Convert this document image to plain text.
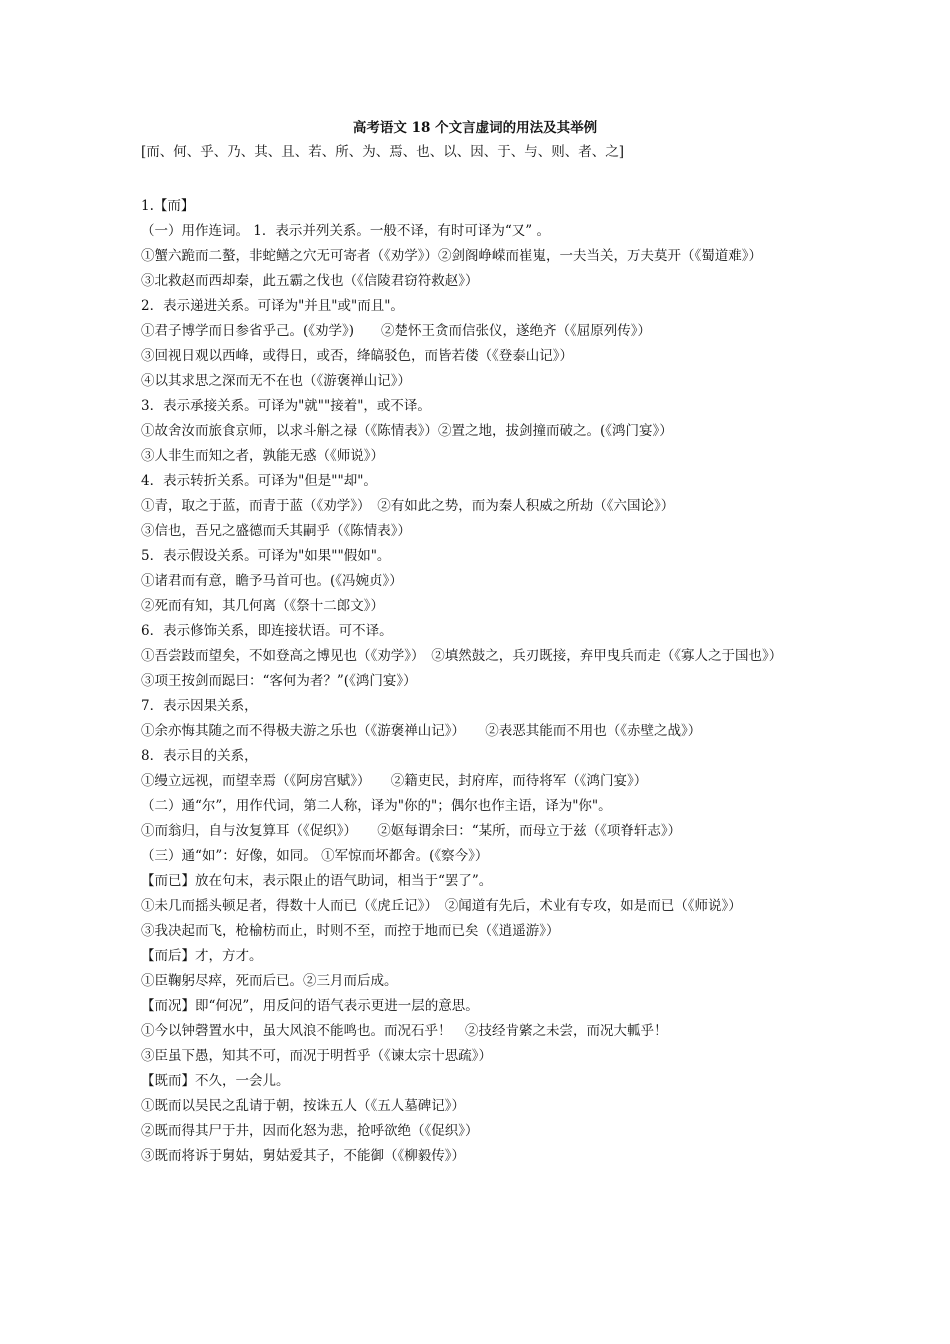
高考语文 18 个文言虚词的用法及其举例
[而、何、乎、乃、其、且、若、所、为、焉、也、以、因、于、与、则、者、之]
1.【而】
（一）用作连词。 1．表示并列关系。一般不译，有时可译为“又” 。
①蟹六跪而二螯，非蛇鳝之穴无可寄者（《劝学》）②剑阁峥嵘而崔嵬，一夫当关，万夫莫开（《蜀道难》）
③北救赵而西却秦，此五霸之伐也（《信陵君窃符救赵》）
2．表示递进关系。可译为"并且"或"而且"。
①君子博学而日参省乎己。(《劝学》)　　②楚怀王贪而信张仪，遂绝齐（《屈原列传》）
③回视日观以西峰，或得日，或否，绛皜驳色，而皆若偻（《登泰山记》）
④以其求思之深而无不在也（《游褒禅山记》）
3．表示承接关系。可译为"就""接着"，或不译。
①故舍汝而旅食京师，以求斗斛之禄（《陈情表》）②置之地，拔剑撞而破之。(《鸿门宴》）
③人非生而知之者，孰能无惑（《师说》）
4．表示转折关系。可译为"但是""却"。
①青，取之于蓝，而青于蓝（《劝学》）　②有如此之势，而为秦人积威之所劫（《六国论》）
③信也，吾兄之盛德而夭其嗣乎（《陈情表》）
5．表示假设关系。可译为"如果""假如"。
①诸君而有意，瞻予马首可也。(《冯婉贞》）
②死而有知，其几何离（《祭十二郎文》）
6．表示修饰关系，即连接状语。可不译。
①吾尝跂而望矣，不如登高之博见也（《劝学》）　②填然鼓之，兵刃既接，弃甲曳兵而走（《寡人之于国也》）
③项王按剑而跽曰：“客何为者？”(《鸿门宴》）
7．表示因果关系，
①余亦悔其随之而不得极夫游之乐也（《游褒禅山记》）　　②表恶其能而不用也（《赤壁之战》）
8．表示目的关系，
①缦立远视，而望幸焉（《阿房宫赋》）　　②籍吏民，封府库，而待将军（《鸿门宴》）
（二）通“尔”，用作代词，第二人称，译为"你的"；偶尔也作主语，译为"你"。
①而翁归，自与汝复算耳（《促织》）　　②妪每谓余曰：“某所，而母立于兹（《项脊轩志》）
（三）通“如”：好像，如同。 ①军惊而坏都舍。(《察今》）
【而已】放在句末，表示限止的语气助词，相当于“罢了”。
①未几而摇头顿足者，得数十人而已（《虎丘记》）　②闻道有先后，术业有专攻，如是而已（《师说》）
③我决起而飞，枪榆枋而止，时则不至，而控于地而已矣（《逍遥游》）
【而后】才，方才。
①臣鞠躬尽瘁，死而后已。②三月而后成。
【而况】即“何况”，用反问的语气表示更进一层的意思。
①今以钟磬置水中，虽大风浪不能鸣也。而况石乎！　②技经肯綮之未尝，而况大軱乎！
③臣虽下愚，知其不可，而况于明哲乎（《谏太宗十思疏》）
【既而】不久，一会儿。
①既而以吴民之乱请于朝，按诛五人（《五人墓碑记》）
②既而得其尸于井，因而化怒为悲，抢呼欲绝（《促织》）
③既而将诉于舅姑，舅姑爱其子，不能御（《柳毅传》）
